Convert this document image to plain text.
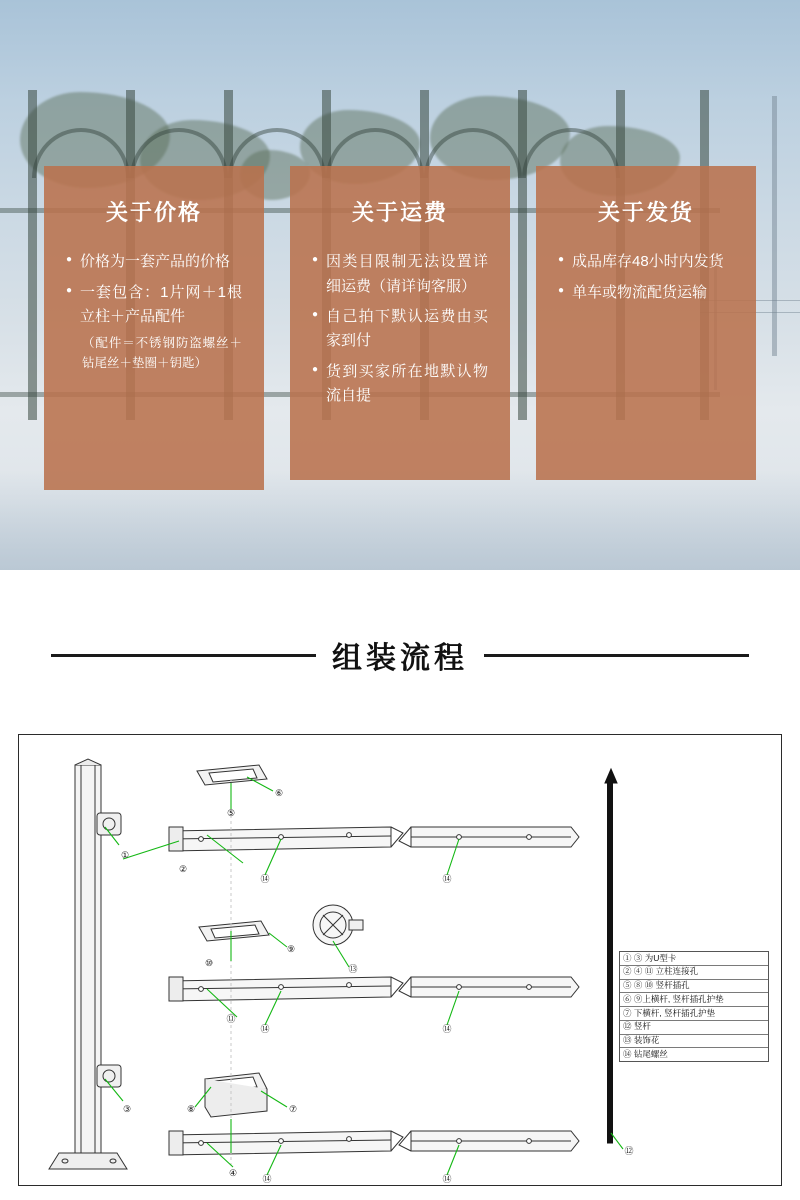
关于价格
● 价格为一套产品的价格
● 一套包含：1片网＋1根立柱＋产品配件
（配件＝不锈钢防盗螺丝＋钻尾丝＋垫圈＋钥匙）
关于运费
● 因类目限制无法设置详细运费（请详询客服）
● 自己拍下默认运费由买家到付
● 货到买家所在地默认物流自提
关于发货
● 成品库存48小时内发货
● 单车或物流配货运输
组装流程
①
②
③
④
⑤
⑥
⑦
⑧
⑨
⑩
⑪
⑫
⑬
⑭	⑭
⑭	⑭
⑭	⑭
① ③ 为U型卡
② ④ ⑪ 立柱连接孔
⑤ ⑧ ⑩ 竖杆插孔
⑥ ⑨上横杆, 竖杆插孔护垫
⑦ 下横杆, 竖杆插孔护垫
⑫ 竖杆
⑬ 装饰花
⑭ 钻尾螺丝
